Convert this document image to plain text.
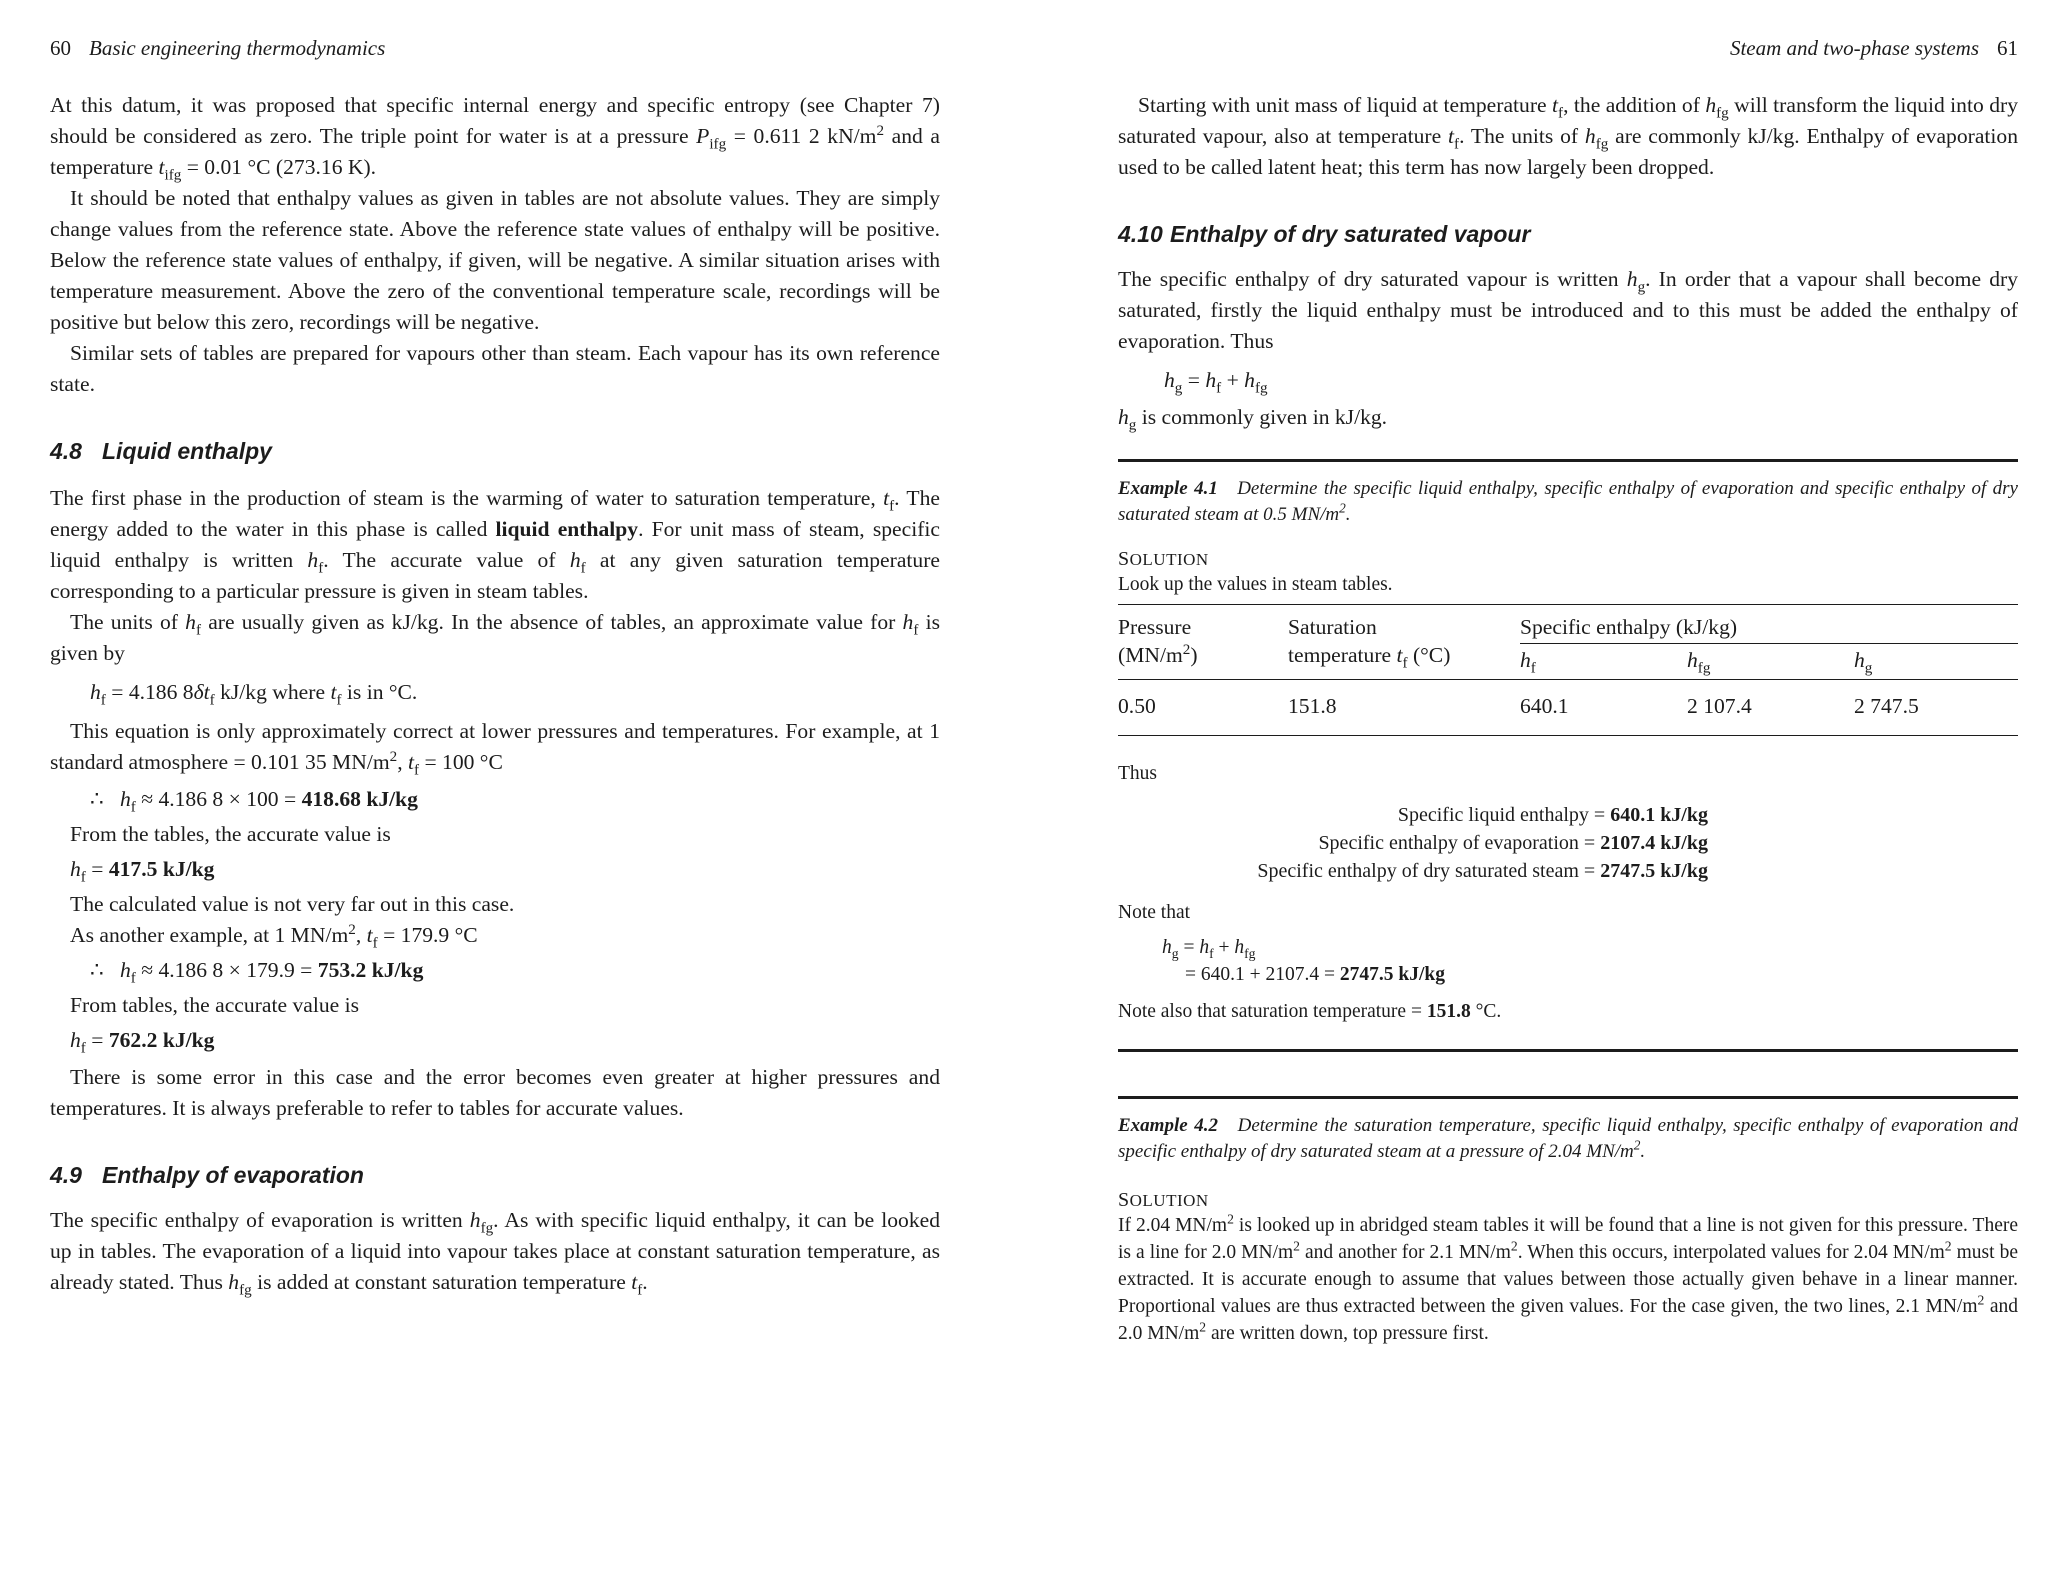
60 Basic engineering thermodynamics

At this datum, it was proposed that specific internal energy and specific entropy (see Chapter 7) should be considered as zero. The triple point for water is at a pressure $P_{ifg} = 0.611$ 2 $kN/m^2$ and a temperature $t_{ifg} = 0.01$ °C (273.16 K).

It should be noted that enthalpy values as given in tables are not absolute values. They are simply change values from the reference state. Above the reference state values of enthalpy will be positive. Below the reference state values of enthalpy, if given, will be negative. A similar situation arises with temperature measurement. Above the zero of the conventional temperature scale, recordings will be positive but below this zero, recordings will be negative.

Similar sets of tables are prepared for vapours other than steam. Each vapour has its own reference state.

4.8 Liquid enthalpy

The first phase in the production of steam is the warming of water to saturation temperature, $t_f$. The energy added to the water in this phase is called liquid enthalpy. For unit mass of steam, specific liquid enthalpy is written $h_f$. The accurate value of $h_f$ at any given saturation temperature corresponding to a particular pressure is given in steam tables.

The units of $h_f$ are usually given as kJ/kg. In the absence of tables, an approximate value for $h_f$ is given by

$h_f = 4.186$ $8\delta t_f$ kJ/kg where $t_f$ is in °C.

This equation is only approximately correct at lower pressures and temperatures. For example, at 1 standard atmosphere = 0.101 35 $MN/m^2$, $t_f = 100$ °C

∴ $h_f \approx 4.186$ 8 × 100 = 418.68 kJ/kg

From the tables, the accurate value is

$h_f = 417.5$ kJ/kg

The calculated value is not very far out in this case.

As another example, at 1 $MN/m^2$, $t_f = 179.9$ °C

∴ $h_f \approx 4.186$ 8 × 179.9 = 753.2 kJ/kg

From tables, the accurate value is

$h_f = 762.2$ kJ/kg

There is some error in this case and the error becomes even greater at higher pressures and temperatures. It is always preferable to refer to tables for accurate values.

4.9 Enthalpy of evaporation

The specific enthalpy of evaporation is written $h_{fg}$. As with specific liquid enthalpy, it can be looked up in tables. The evaporation of a liquid into vapour takes place at constant saturation temperature, as already stated. Thus $h_{fg}$ is added at constant saturation temperature $t_f$.

Steam and two-phase systems 61

Starting with unit mass of liquid at temperature $t_f$, the addition of $h_{fg}$ will transform the liquid into dry saturated vapour, also at temperature $t_f$. The units of $h_{fg}$ are commonly kJ/kg. Enthalpy of evaporation used to be called latent heat; this term has now largely been dropped.

4.10 Enthalpy of dry saturated vapour

The specific enthalpy of dry saturated vapour is written $h_g$. In order that a vapour shall become dry saturated, firstly the liquid enthalpy must be introduced and to this must be added the enthalpy of evaporation. Thus

$h_g = h_f + h_{fg}$

$h_g$ is commonly given in kJ/kg.

Example 4.1 Determine the specific liquid enthalpy, specific enthalpy of evaporation and specific enthalpy of dry saturated steam at 0.5 $MN/m^2$.

SOLUTION
Look up the values in steam tables.
Pressure
$(MN/m^2)$	Saturation
temperature $t_f$ (°C)	Specific enthalpy (kJ/kg)		
		$h_f$	$h_{fg}$	$h_g$
0.50	151.8	640.1	2 107.4	2 747.5
Thus
Specific liquid enthalpy = 640.1 kJ/kg
Specific enthalpy of evaporation = 2107.4 kJ/kg
Specific enthalpy of dry saturated steam = 2747.5 kJ/kg
Note that
$h_g = h_f + h_{fg}$
= 640.1 + 2107.4 = 2747.5 kJ/kg
Note also that saturation temperature = 151.8 °C.

Example 4.2 Determine the saturation temperature, specific liquid enthalpy, specific enthalpy of evaporation and specific enthalpy of dry saturated steam at a pressure of 2.04 $MN/m^2$.

SOLUTION

If 2.04 $MN/m^2$ is looked up in abridged steam tables it will be found that a line is not given for this pressure. There is a line for 2.0 $MN/m^2$ and another for 2.1 $MN/m^2$. When this occurs, interpolated values for 2.04 $MN/m^2$ must be extracted. It is accurate enough to assume that values between those actually given behave in a linear manner. Proportional values are thus extracted between the given values. For the case given, the two lines, 2.1 $MN/m^2$ and 2.0 $MN/m^2$ are written down, top pressure first.
